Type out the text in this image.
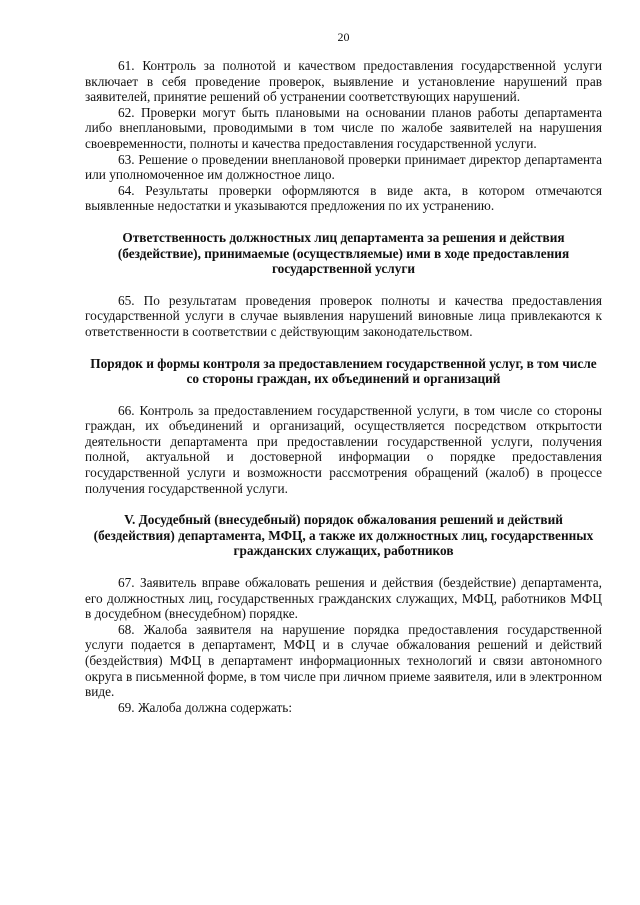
20

61. Контроль за полнотой и качеством предоставления государственной услуги включает в себя проведение проверок, выявление и установление нарушений прав заявителей, принятие решений об устранении соответствующих нарушений.

62. Проверки могут быть плановыми на основании планов работы департамента либо внеплановыми, проводимыми в том числе по жалобе заявителей на нарушения своевременности, полноты и качества предоставления государственной услуги.

63. Решение о проведении внеплановой проверки принимает директор департамента или уполномоченное им должностное лицо.

64. Результаты проверки оформляются в виде акта, в котором отмечаются выявленные недостатки и указываются предложения по их устранению.

Ответственность должностных лиц департамента за решения и действия (бездействие), принимаемые (осуществляемые) ими в ходе предоставления государственной услуги

65. По результатам проведения проверок полноты и качества предоставления государственной услуги в случае выявления нарушений виновные лица привлекаются к ответственности в соответствии с действующим законодательством.

Порядок и формы контроля за предоставлением государственной услуг, в том числе со стороны граждан, их объединений и организаций

66. Контроль за предоставлением государственной услуги, в том числе со стороны граждан, их объединений и организаций, осуществляется посредством открытости деятельности департамента при предоставлении государственной услуги, получения полной, актуальной и достоверной информации о порядке предоставления государственной услуги и возможности рассмотрения обращений (жалоб) в процессе получения государственной услуги.

V. Досудебный (внесудебный) порядок обжалования решений и действий (бездействия) департамента, МФЦ, а также их должностных лиц, государственных гражданских служащих, работников

67. Заявитель вправе обжаловать решения и действия (бездействие) департамента, его должностных лиц, государственных гражданских служащих, МФЦ, работников МФЦ в досудебном (внесудебном) порядке.

68. Жалоба заявителя на нарушение порядка предоставления государственной услуги подается в департамент, МФЦ и в случае обжалования решений и действий (бездействия) МФЦ в департамент информационных технологий и связи автономного округа в письменной форме, в том числе при личном приеме заявителя, или в электронном виде.

69. Жалоба должна содержать:
